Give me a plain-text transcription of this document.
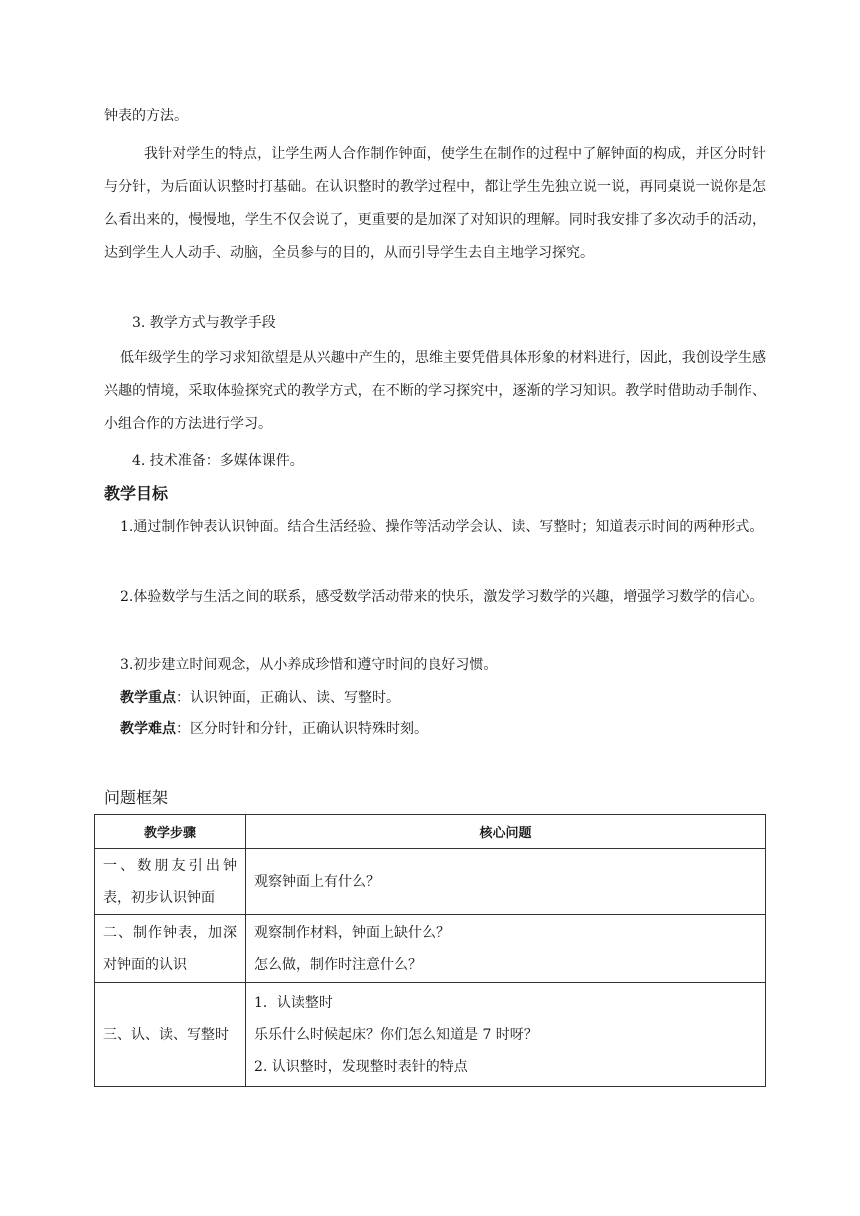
钟表的方法。

我针对学生的特点，让学生两人合作制作钟面，使学生在制作的过程中了解钟面的构成，并区分时针与分针，为后面认识整时打基础。在认识整时的教学过程中，都让学生先独立说一说，再同桌说一说你是怎么看出来的，慢慢地，学生不仅会说了，更重要的是加深了对知识的理解。同时我安排了多次动手的活动，达到学生人人动手、动脑，全员参与的目的，从而引导学生去自主地学习探究。

3. 教学方式与教学手段

低年级学生的学习求知欲望是从兴趣中产生的，思维主要凭借具体形象的材料进行，因此，我创设学生感兴趣的情境，采取体验探究式的教学方式，在不断的学习探究中，逐渐的学习知识。教学时借助动手制作、小组合作的方法进行学习。

4. 技术准备：多媒体课件。
教学目标

1.通过制作钟表认识钟面。结合生活经验、操作等活动学会认、读、写整时；知道表示时间的两种形式。

2.体验数学与生活之间的联系，感受数学活动带来的快乐，激发学习数学的兴趣，增强学习数学的信心。

3.初步建立时间观念，从小养成珍惜和遵守时间的良好习惯。
教学重点：认识钟面，正确认、读、写整时。
教学难点：区分时针和分针，正确认识特殊时刻。
问题框架
教学步骤	核心问题
一、数朋友引出钟表，初步认识钟面	观察钟面上有什么？

二、制作钟表，加深对钟面的认识	观察制作材料，钟面上缺什么？

怎么做，制作时注意什么？

三、认、读、写整时	1．认读整时

乐乐什么时候起床？你们怎么知道是 7 时呀？

2. 认识整时，发现整时表针的特点
